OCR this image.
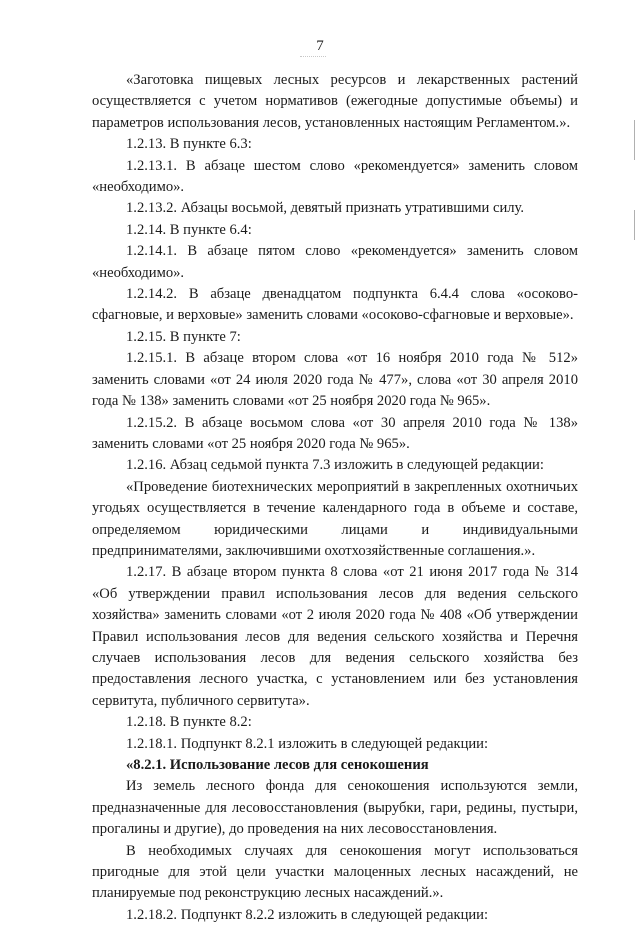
7

«Заготовка пищевых лесных ресурсов и лекарственных растений осуществляется с учетом нормативов (ежегодные допустимые объемы) и параметров использования лесов, установленных настоящим Регламентом.».

1.2.13. В пункте 6.3:

1.2.13.1. В абзаце шестом слово «рекомендуется» заменить словом «необходимо».

1.2.13.2. Абзацы восьмой, девятый признать утратившими силу.

1.2.14. В пункте 6.4:

1.2.14.1. В абзаце пятом слово «рекомендуется» заменить словом «необходимо».

1.2.14.2. В абзаце двенадцатом подпункта 6.4.4 слова «осоково-сфагновые, и верховые» заменить словами «осоково-сфагновые и верховые».

1.2.15. В пункте 7:

1.2.15.1. В абзаце втором слова «от 16 ноября 2010 года № 512» заменить словами «от 24 июля 2020 года № 477», слова «от 30 апреля 2010 года № 138» заменить словами «от 25 ноября 2020 года № 965».

1.2.15.2. В абзаце восьмом слова «от 30 апреля 2010 года № 138» заменить словами «от 25 ноября 2020 года № 965».

1.2.16. Абзац седьмой пункта 7.3 изложить в следующей редакции:

«Проведение биотехнических мероприятий в закрепленных охотничьих угодьях осуществляется в течение календарного года в объеме и составе, определяемом юридическими лицами и индивидуальными предпринимателями, заключившими охотхозяйственные соглашения.».

1.2.17. В абзаце втором пункта 8 слова «от 21 июня 2017 года № 314 «Об утверждении правил использования лесов для ведения сельского хозяйства» заменить словами «от 2 июля 2020 года № 408 «Об утверждении Правил использования лесов для ведения сельского хозяйства и Перечня случаев использования лесов для ведения сельского хозяйства без предоставления лесного участка, с установлением или без установления сервитута, публичного сервитута».

1.2.18. В пункте 8.2:

1.2.18.1. Подпункт 8.2.1 изложить в следующей редакции:

«8.2.1. Использование лесов для сенокошения

Из земель лесного фонда для сенокошения используются земли, предназначенные для лесовосстановления (вырубки, гари, редины, пустыри, прогалины и другие), до проведения на них лесовосстановления.

В необходимых случаях для сенокошения могут использоваться пригодные для этой цели участки малоценных лесных насаждений, не планируемые под реконструкцию лесных насаждений.».

1.2.18.2. Подпункт 8.2.2 изложить в следующей редакции:
